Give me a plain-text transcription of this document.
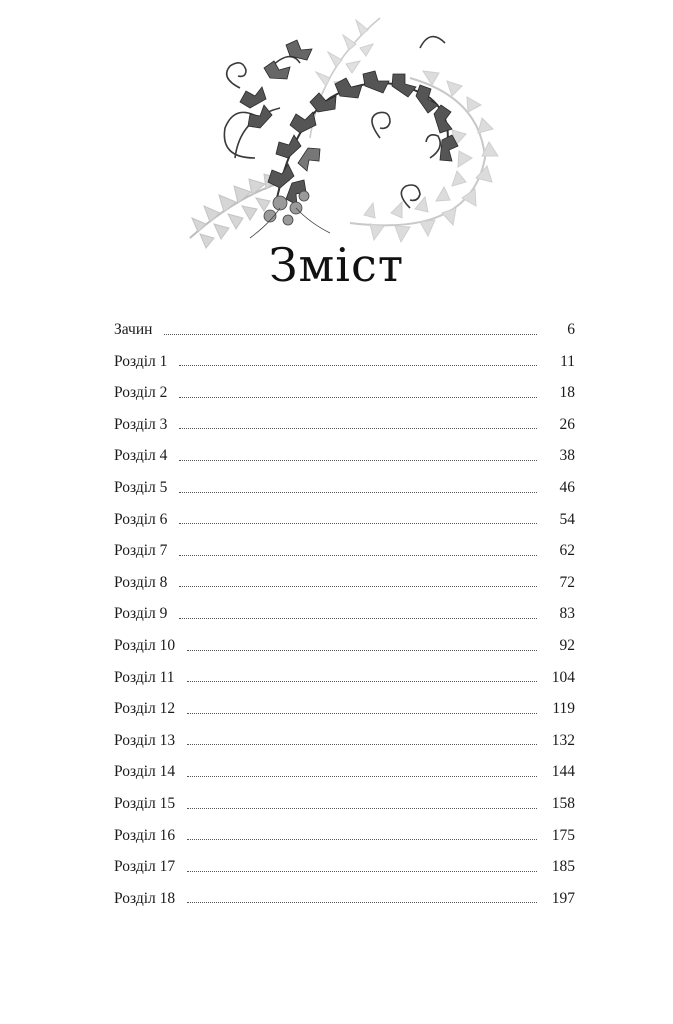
Зміст
Зачин	6
Розділ 1	11
Розділ 2	18
Розділ 3	26
Розділ 4	38
Розділ 5	46
Розділ 6	54
Розділ 7	62
Розділ 8	72
Розділ 9	83
Розділ 10	92
Розділ 11	104
Розділ 12	119
Розділ 13	132
Розділ 14	144
Розділ 15	158
Розділ 16	175
Розділ 17	185
Розділ 18	197
